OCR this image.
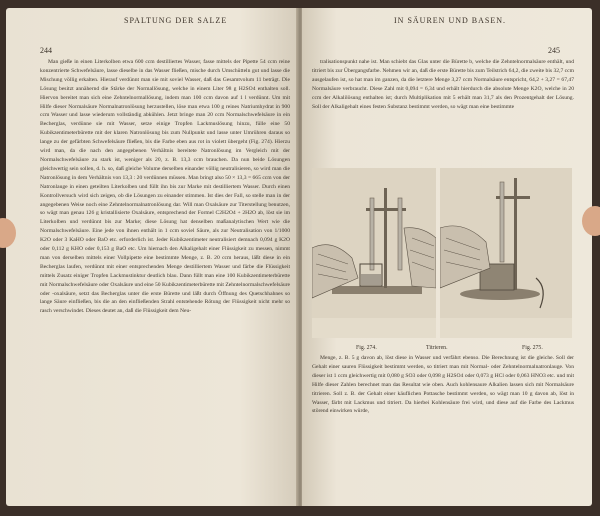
SPALTUNG DER SALZE
244
Man gieße in einen Literkolben etwa 600 ccm destilliertes Wasser, fasse mittels der Pipette 54 ccm reine konzentrierte Schwefelsäure, lasse dieselbe in das Wasser fließen, mische durch Umschütteln gut und lasse die Mischung völlig erkalten. Hierauf verdünnt man sie mit soviel Wasser, daß das Gesamtvolum 11 beträgt. Die Lösung besitzt annähernd die Stärke der Normallösung, welche in einem Liter 98 g H2SO4 enthalten soll. Hiervon bereitet man sich eine Zehntelnormallösung, indem man 100 ccm davon auf 1 l verdünnt. Um mit Hilfe dieser Normalsäure Normalnatronlösung herzustellen, löse man etwa 100 g reines Natriumhydrat in 900 ccm Wasser und lasse wiederum vollständig abkühlen. Jetzt bringe man 20 ccm Normalschwefelsäure in ein Becherglas, verdünne sie mit Wasser, setze einige Tropfen Lackmuslösung hinzu, fülle eine 50 Kubikzentimeterbürette mit der klaren Natronlösung bis zum Nullpunkt und lasse unter Umrühren daraus so lange zu der gefärbten Schwefelsäure fließen, bis die Farbe eben aus rot in violett übergeht (Fig. 274). Hierzu wird man, da die nach den angegebenen Verhältnis bereitete Natronlösung im Vergleich mit der Normalschwefelsäure zu stark ist, weniger als 20, z. B. 13,3 ccm brauchen. Da nun beide Lösungen gleichwertig sein sollen, d. h. so, daß gleiche Volume derselben einander völlig neutralisieren, so wird man die Natronlösung in dem Verhältnis von 13,3 : 20 verdünnen müssen. Man bringt also 50 × 13,3 = 665 ccm von der Natronlauge in einen geteilten Literkolben und füllt ihn bis zur Marke mit destilliertem Wasser. Durch einen Kontrollversuch wird sich zeigen, ob die Lösungen zu einander stimmen. Ist dies der Fall, so stelle man in der angegebenen Weise noch eine Zehntelnormalnatronlösung dar. Will man Oxalsäure zur Titerstellung benutzen, so wägt man genau 126 g kristallisierte Oxalsäure, entsprechend der Formel C2H2O4 + 2H2O ab, löst sie im Literkolben und verdünnt bis zur Marke; diese Lösung hat denselben maßanalytischen Wert wie die Normalschwefelsäure. Eine jede von ihnen enthält in 1 ccm soviel Säure, als zur Neutralisation von 1/1000 K2O oder 3 KaHO oder BaO etc. erforderlich ist. Jeder Kubikzentimeter neutralisiert demnach 0,094 g K2O oder 0,112 g KHO oder 0,153 g BaO etc. Um hiernach den Alkaligehalt einer Flüssigkeit zu messen, nimmt man von derselben mittels einer Vollpipette eine bestimmte Menge, z. B. 20 ccm heraus, läßt diese in ein Becherglas laufen, verdünnt mit einer entsprechenden Menge destilliertem Wasser und färbe die Flüssigkeit mittels Zusatz einiger Tropfen Lackmustinktur deutlich blau. Dann füllt man eine 100 Kubikzentimeterbürette mit Normalschwefelsäure oder Oxalsäure und eine 50 Kubikzentimeterbürette mit Zehntelnormalschwefelsäure oder -oxalsäure, setzt das Becherglas unter die erste Bürette und läßt durch Öffnung des Quetschhahnes so lange Säure einfließen, bis die an den einfließenden Strahl entstehende Rötung der Flüssigkeit nicht mehr so rasch verschwindet. Dieses deutet an, daß die Flüssigkeit dem Neu-
IN SÄUREN UND BASEN.
245
tralisationspunkt nahe ist. Man schiebt das Glas unter die Bürette b, welche die Zehntelnormalsäure enthält, und titriert bis zur Übergangsfarbe. Nehmen wir an, daß die erste Bürette bis zum Teilstrich 64,2, die zweite bis 32,7 ccm ausgelaufen ist, so hat man im ganzen, da die letztere Menge 3,27 ccm Normalsäure entspricht, 64,2 + 3,27 = 67,47 Normalsäure verbraucht. Diese Zahl mit 0,094 = 6,34 und erhält hierdurch die absolute Menge K2O, welche in 20 ccm der Alkalilösung enthalten ist; durch Multiplikation mit 5 erhält man 31,7 als den Prozentgehalt der Lösung. Soll der Alkaligehalt eines festen Substanz bestimmt werden, so wägt man eine bestimmte
Fig. 274.	Titrieren.	Fig. 275.
Menge, z. B. 5 g davon ab, löst diese in Wasser und verfährt ebenso. Die Berechnung ist die gleiche. Soll der Gehalt einer sauren Flüssigkeit bestimmt werden, so titriert man mit Normal- oder Zehntelnormalnatronlauge. Von dieser ist 1 ccm gleichwertig mit 0,080 g SO3 oder 0,098 g H2SO4 oder 0,073 g HCl oder 0,063 HNO3 etc. und mit Hilfe dieser Zahlen berechnet man das Resultat wie oben. Auch kohlensaure Alkalien lassen sich mit Normalsäure titrieren. Soll z. B. der Gehalt einer käuflichen Pottasche bestimmt werden, so wägt man 10 g davon ab, löst in Wasser, färbt mit Lackmus und titriert. Da hierbei Kohlensäure frei wird, und diese auf die Farbe des Lackmus störend einwirken würde,
